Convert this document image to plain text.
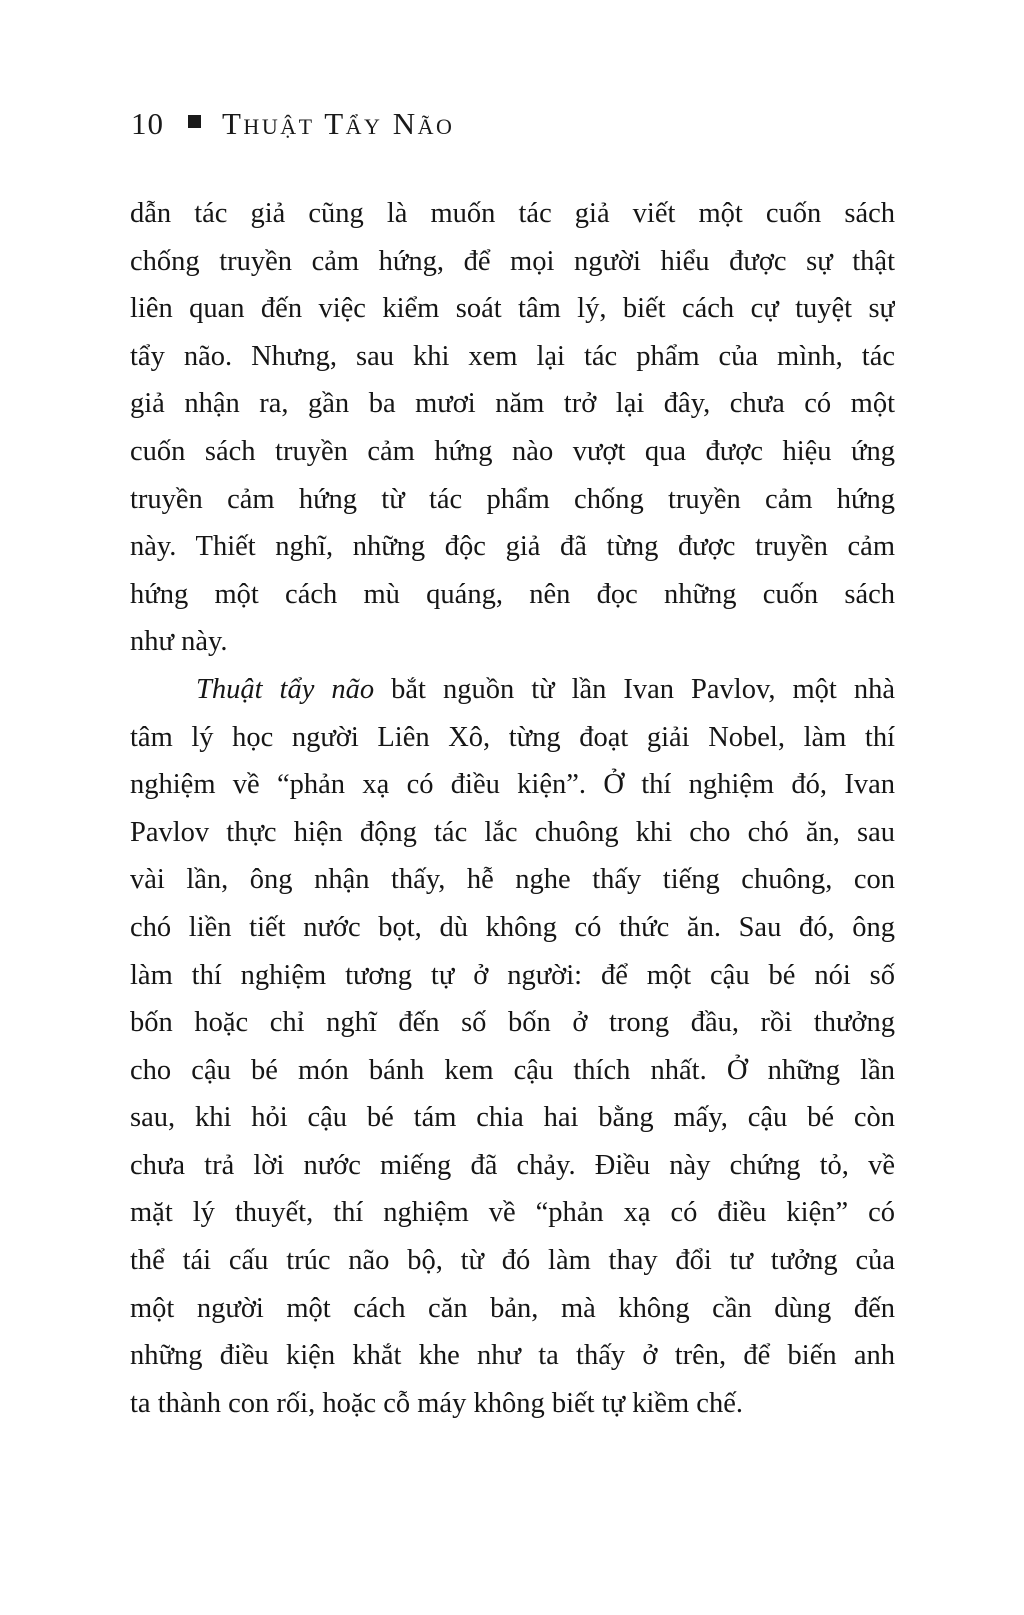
10 Thuật Tẩy Não
dẫn tác giả cũng là muốn tác giả viết một cuốn sách
chống truyền cảm hứng, để mọi người hiểu được sự thật
liên quan đến việc kiểm soát tâm lý, biết cách cự tuyệt sự
tẩy não. Nhưng, sau khi xem lại tác phẩm của mình, tác
giả nhận ra, gần ba mươi năm trở lại đây, chưa có một
cuốn sách truyền cảm hứng nào vượt qua được hiệu ứng
truyền cảm hứng từ tác phẩm chống truyền cảm hứng
này. Thiết nghĩ, những độc giả đã từng được truyền cảm
hứng một cách mù quáng, nên đọc những cuốn sách
như này.
Thuật tẩy não bắt nguồn từ lần Ivan Pavlov, một nhà
tâm lý học người Liên Xô, từng đoạt giải Nobel, làm thí
nghiệm về “phản xạ có điều kiện”. Ở thí nghiệm đó, Ivan
Pavlov thực hiện động tác lắc chuông khi cho chó ăn, sau
vài lần, ông nhận thấy, hễ nghe thấy tiếng chuông, con
chó liền tiết nước bọt, dù không có thức ăn. Sau đó, ông
làm thí nghiệm tương tự ở người: để một cậu bé nói số
bốn hoặc chỉ nghĩ đến số bốn ở trong đầu, rồi thưởng
cho cậu bé món bánh kem cậu thích nhất. Ở những lần
sau, khi hỏi cậu bé tám chia hai bằng mấy, cậu bé còn
chưa trả lời nước miếng đã chảy. Điều này chứng tỏ, về
mặt lý thuyết, thí nghiệm về “phản xạ có điều kiện” có
thể tái cấu trúc não bộ, từ đó làm thay đổi tư tưởng của
một người một cách căn bản, mà không cần dùng đến
những điều kiện khắt khe như ta thấy ở trên, để biến anh
ta thành con rối, hoặc cỗ máy không biết tự kiềm chế.
